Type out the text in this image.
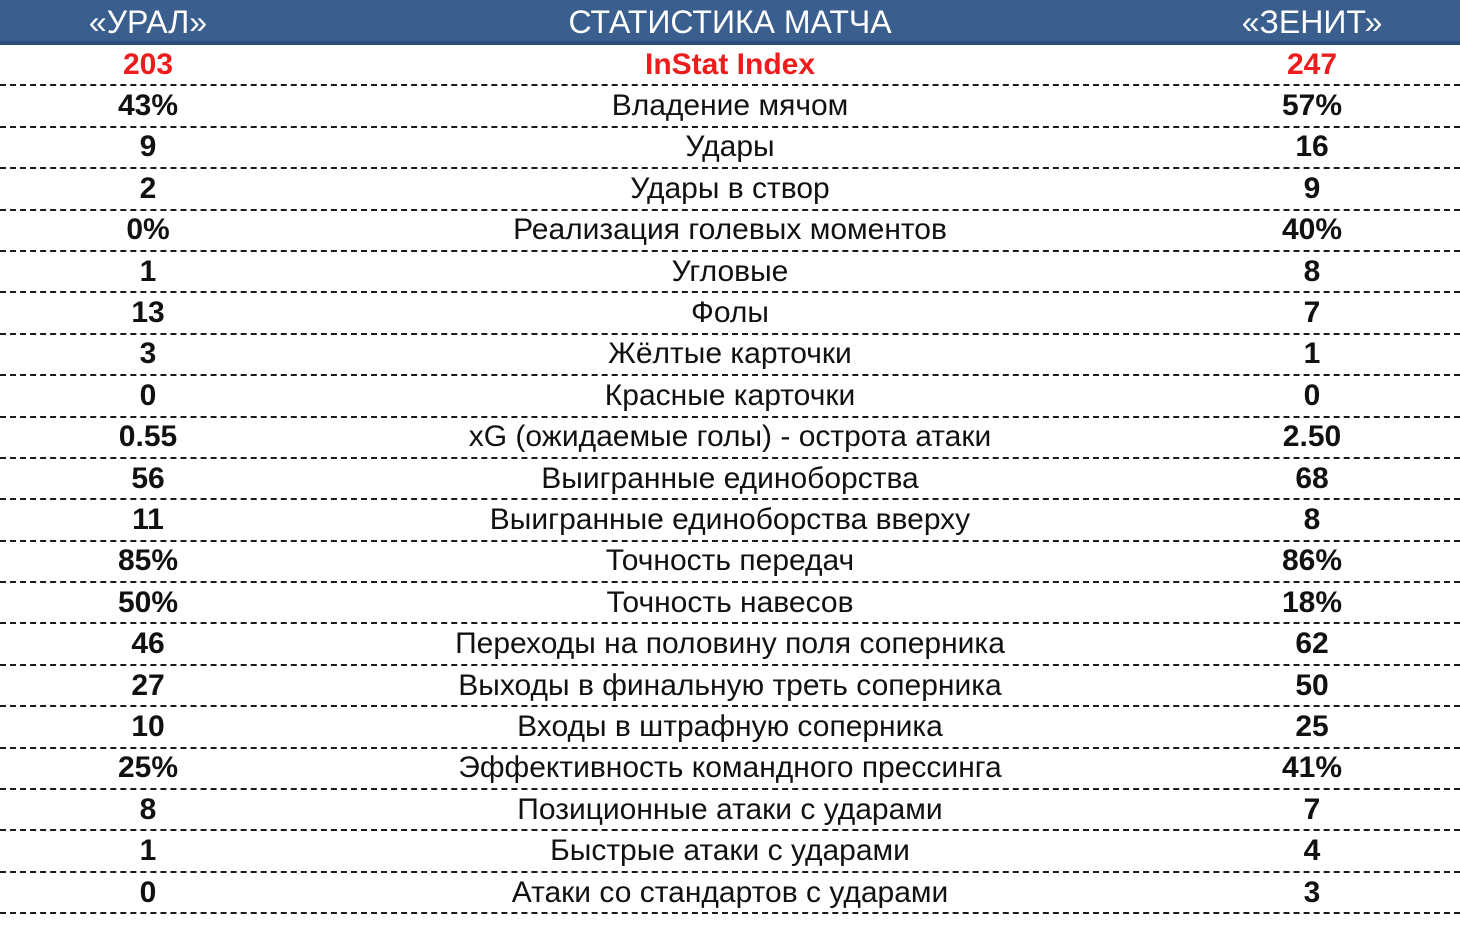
«УРАЛ»	СТАТИСТИКА МАТЧА	«ЗЕНИТ»
203	InStat Index	247
43%	Владение мячом	57%
9	Удары	16
2	Удары в створ	9
0%	Реализация голевых моментов	40%
1	Угловые	8
13	Фолы	7
3	Жёлтые карточки	1
0	Красные карточки	0
0.55	xG (ожидаемые голы) - острота атаки	2.50
56	Выигранные единоборства	68
11	Выигранные единоборства вверху	8
85%	Точность передач	86%
50%	Точность навесов	18%
46	Переходы на половину поля соперника	62
27	Выходы в финальную треть соперника	50
10	Входы в штрафную соперника	25
25%	Эффективность командного прессинга	41%
8	Позиционные атаки с ударами	7
1	Быстрые атаки с ударами	4
0	Атаки со стандартов с ударами	3
